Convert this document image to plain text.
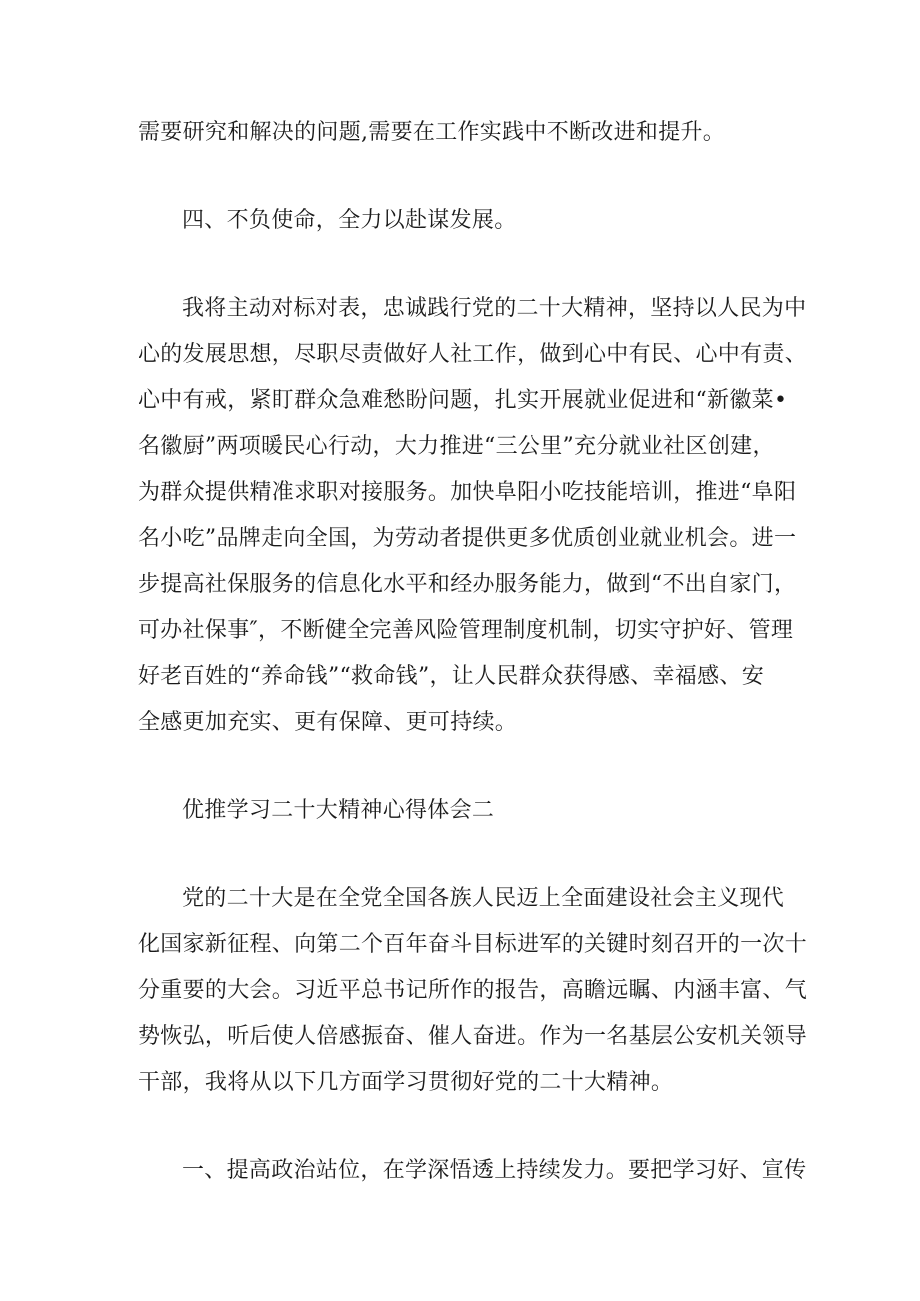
需要研究和解决的问题,需要在工作实践中不断改进和提升。
四、不负使命，全力以赴谋发展。
我将主动对标对表，忠诚践行党的二十大精神，坚持以人民为中
心的发展思想，尽职尽责做好人社工作，做到心中有民、心中有责、
心中有戒，紧盯群众急难愁盼问题，扎实开展就业促进和“新徽菜•
名徽厨”两项暖民心行动，大力推进“三公里”充分就业社区创建，
为群众提供精准求职对接服务。加快阜阳小吃技能培训，推进“阜阳
名小吃”品牌走向全国，为劳动者提供更多优质创业就业机会。进一
步提高社保服务的信息化水平和经办服务能力，做到“不出自家门，
可办社保事″，不断健全完善风险管理制度机制，切实守护好、管理
好老百姓的“养命钱”“救命钱”，让人民群众获得感、幸福感、安
全感更加充实、更有保障、更可持续。
优推学习二十大精神心得体会二
党的二十大是在全党全国各族人民迈上全面建设社会主义现代
化国家新征程、向第二个百年奋斗目标进军的关键时刻召开的一次十
分重要的大会。习近平总书记所作的报告，高瞻远瞩、内涵丰富、气
势恢弘，听后使人倍感振奋、催人奋进。作为一名基层公安机关领导
干部，我将从以下几方面学习贯彻好党的二十大精神。
一、提高政治站位，在学深悟透上持续发力。要把学习好、宣传
